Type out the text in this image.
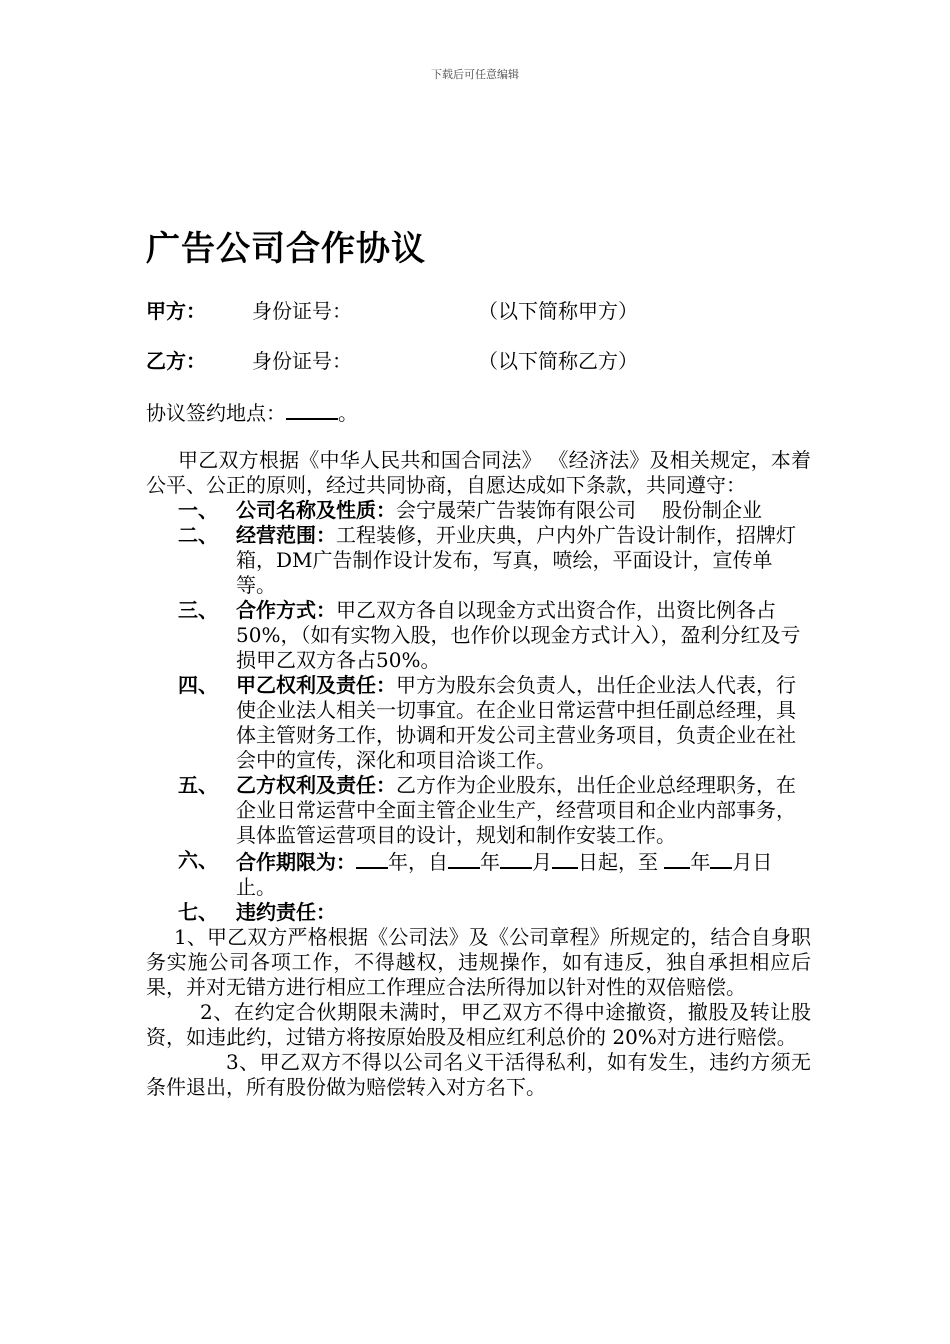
下载后可任意编辑
广告公司合作协议
甲方： 身份证号：	（以下简称甲方）
乙方： 身份证号：	（以下简称乙方）
协议签约地点：	。

甲乙双方根据《中华人民共和国合同法》 《经济法》及相关规定，本着公平、公正的原则，经过共同协商，自愿达成如下条款，共同遵守：

一、 公司名称及性质：会宁晟荣广告装饰有限公司 股份制企业
二、 经营范围：工程装修，开业庆典，户内外广告设计制作，招牌灯箱，DM广告制作设计发布，写真，喷绘，平面设计，宣传单等。
三、 合作方式：甲乙双方各自以现金方式出资合作，出资比例各占 50%，（如有实物入股，也作价以现金方式计入），盈利分红及亏损甲乙双方各占50%。
四、 甲乙权利及责任：甲方为股东会负责人，出任企业法人代表，行使企业法人相关一切事宜。在企业日常运营中担任副总经理，具体主管财务工作，协调和开发公司主营业务项目，负责企业在社会中的宣传，深化和项目洽谈工作。
五、 乙方权利及责任：乙方作为企业股东，出任企业总经理职务，在企业日常运营中全面主管企业生产，经营项目和企业内部事务，具体监管运营项目的设计，规划和制作安装工作。
六、 合作期限为： 年，自 年 月 日起，至 年 月日止。
七、 违约责任：

1、甲乙双方严格根据《公司法》及《公司章程》所规定的，结合自身职务实施公司各项工作，不得越权，违规操作，如有违反，独自承担相应后果，并对无错方进行相应工作理应合法所得加以针对性的双倍赔偿。

2、在约定合伙期限未满时，甲乙双方不得中途撤资，撤股及转让股资，如违此约，过错方将按原始股及相应红利总价的 20%对方进行赔偿。

3、甲乙双方不得以公司名义干活得私利，如有发生，违约方须无条件退出，所有股份做为赔偿转入对方名下。
